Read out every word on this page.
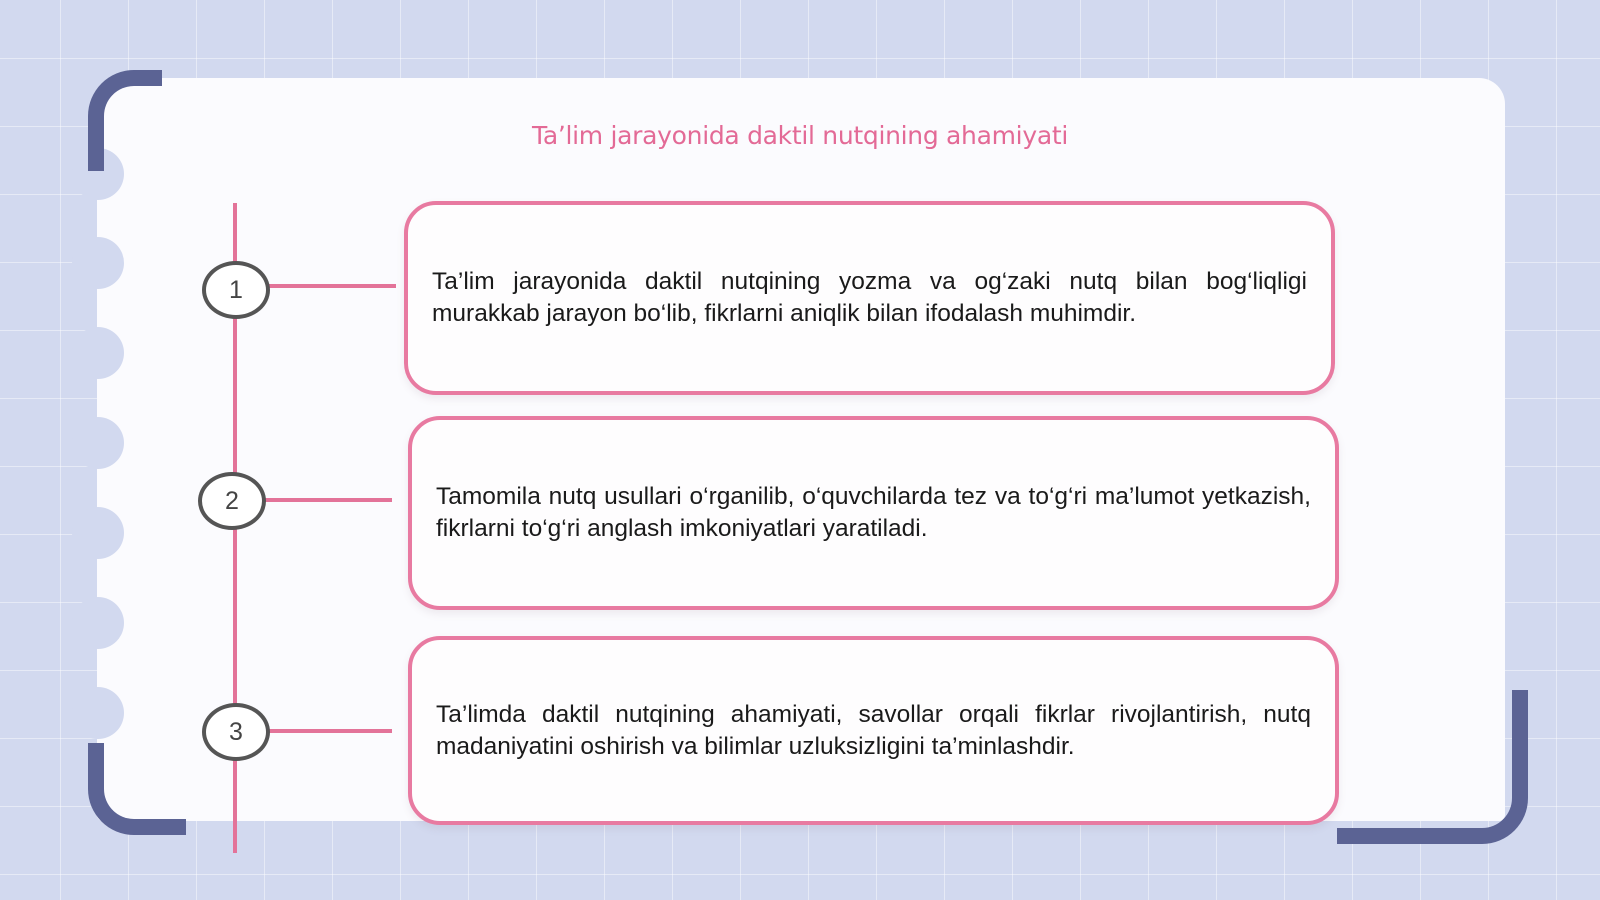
Taʼlim jarayonida daktil nutqining ahamiyati
1
2
3
Ta’lim jarayonida daktil nutqining yozma va og‘zaki nutq bilan bog‘liqligi murakkab jarayon bo‘lib, fikrlarni aniqlik bilan ifodalash muhimdir.
Tamomila nutq usullari o‘rganilib, o‘quvchilarda tez va to‘g‘ri ma’lumot yetkazish, fikrlarni to‘g‘ri anglash imkoniyatlari yaratiladi.
Ta’limda daktil nutqining ahamiyati, savollar orqali fikrlar rivojlantirish, nutq madaniyatini oshirish va bilimlar uzluksizligini ta’minlashdir.
